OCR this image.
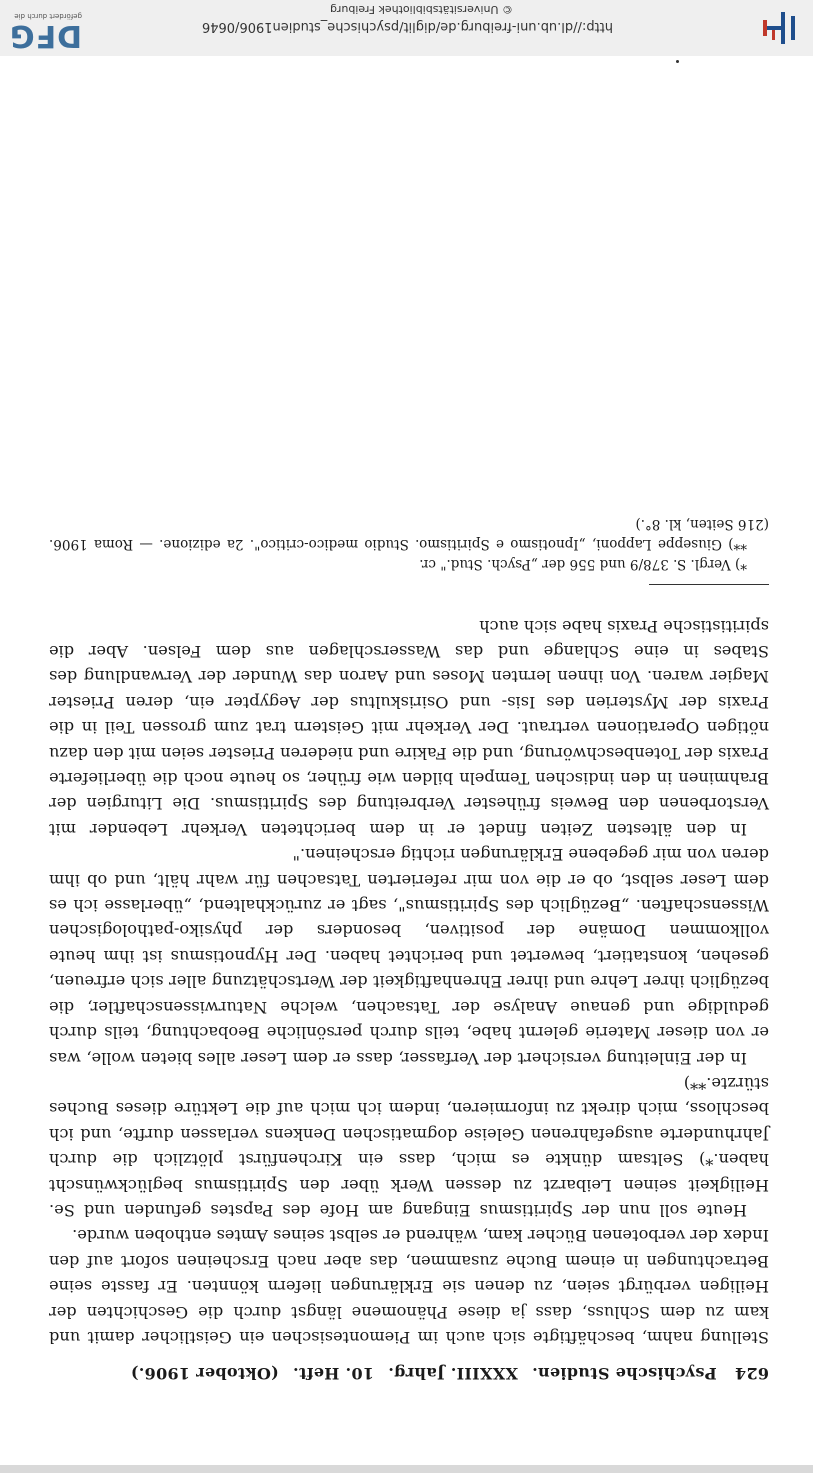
624
Psychische Studien.
XXXIII. Jahrg.
10. Heft.
(Oktober 1906.)

Stellung nahm, beschäftigte sich auch im Piemontesischen ein Geistlicher damit und kam zu dem Schluss, dass ja diese Phänomene längst durch die Geschichten der Heiligen verbürgt seien, zu denen sie Erklärungen liefern könnten. Er fasste seine Betrachtungen in einem Buche zusammen, das aber nach Erscheinen sofort auf den Index der verbotenen Bücher kam, während er selbst seines Amtes enthoben wurde.

Heute soll nun der Spiritismus Eingang am Hofe des Papstes gefunden und Se. Heiligkeit seinen Leibarzt zu dessen Werk über den Spiritismus beglückwünscht haben.*) Seltsam dünkte es mich, dass ein Kirchenfürst plötzlich die durch Jahrhunderte ausgefahrenen Geleise dogmatischen Denkens verlassen durfte, und ich beschloss, mich direkt zu informieren, indem ich mich auf die Lektüre dieses Buches stürzte.**)

In der Einleitung versichert der Verfasser, dass er dem Leser alles bieten wolle, was er von dieser Materie gelernt habe, teils durch persönliche Beobachtung, teils durch geduldige und genaue Analyse der Tatsachen, welche Naturwissenschaftler, die bezüglich ihrer Lehre und ihrer Ehrenhaftigkeit der Wertschätzung aller sich erfreuen, gesehen, konstatiert, bewertet und berichtet haben. Der Hypnotismus ist ihm heute vollkommen Domäne der positiven, besonders der physiko-pathologischen Wissenschaften. „Bezüglich des Spiritismus", sagt er zurückhaltend, „überlasse ich es dem Leser selbst, ob er die von mir referierten Tatsachen für wahr hält, und ob ihm deren von mir gegebene Erklärungen richtig erscheinen."

In den ältesten Zeiten findet er in dem berichteten Verkehr Lebender mit Verstorbenen den Beweis frühester Verbreitung des Spiritismus. Die Liturgien der Brahminen in den indischen Tempeln bilden wie früher, so heute noch die überlieferte Praxis der Totenbeschwörung, und die Fakire und niederen Priester seien mit den dazu nötigen Operationen vertraut. Der Verkehr mit Geistern trat zum grossen Teil in die Praxis der Mysterien des Isis- und Osiriskultus der Aegypter ein, deren Priester Magier waren. Von ihnen lernten Moses und Aaron das Wunder der Verwandlung des Stabes in eine Schlange und das Wasserschlagen aus dem Felsen. Aber die spiritistische Praxis habe sich auch

*) Vergl. S. 378/9 und 556 der „Psych. Stud." cr.

**) Giuseppe Lapponi, „Ipnotismo e Spiritismo. Studio medico-critico". 2a edizione. — Roma 1906. (216 Seiten, kl. 8°.)

http://dl.ub.uni-freiburg.de/diglit/psychische_studien1906/0646
© Universitätsbibliothek Freiburg
DFG
gefördert durch die
